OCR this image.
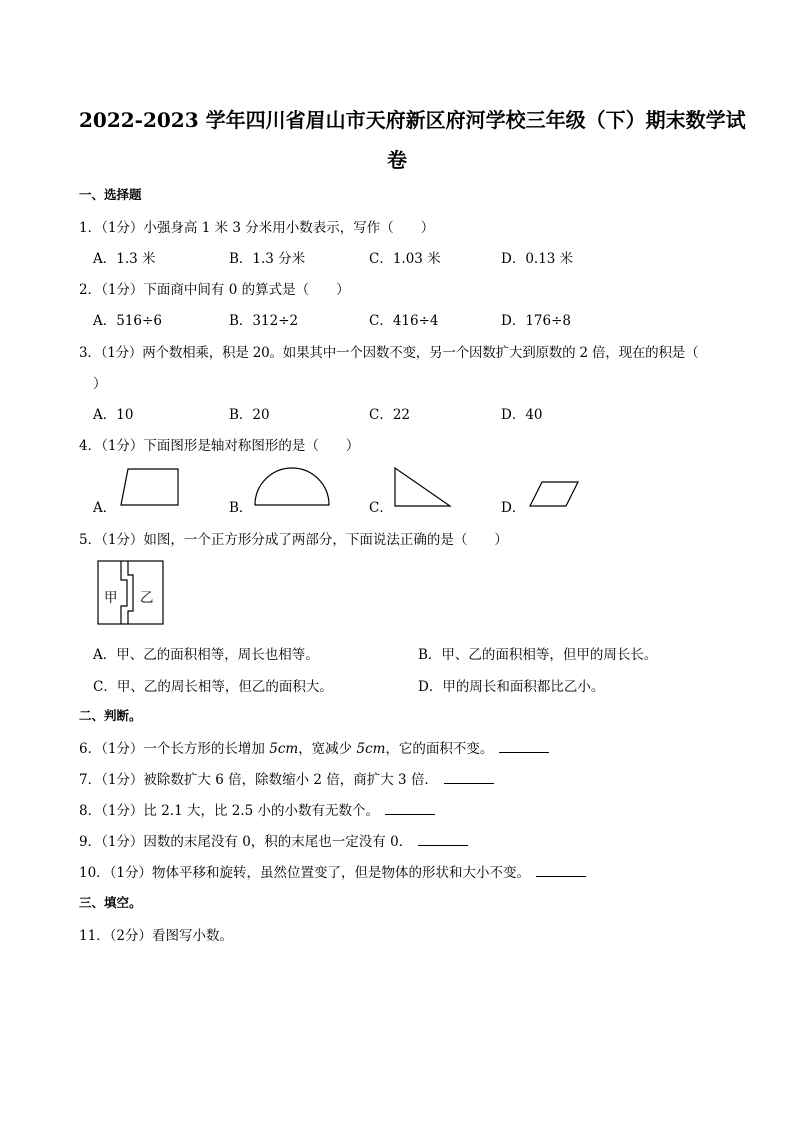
2022-2023 学年四川省眉山市天府新区府河学校三年级（下）期末数学试
卷
一、选择题
1．（1分）小强身高 1 米 3 分米用小数表示，写作（　　）
A．1.3 米	B．1.3 分米	C．1.03 米	D．0.13 米
2．（1分）下面商中间有 0 的算式是（　　）
A．516÷6	B．312÷2	C．416÷4	D．176÷8
3．（1分）两个数相乘，积是 20。如果其中一个因数不变，另一个因数扩大到原数的 2 倍，现在的积是（
）
A．10	B．20	C．22	D．40
4．（1分）下面图形是轴对称图形的是（　　）
A．	B．	C．	D．
5．（1分）如图，一个正方形分成了两部分，下面说法正确的是（　　）
甲 乙
A．甲、乙的面积相等，周长也相等。	B．甲、乙的面积相等，但甲的周长长。
C．甲、乙的周长相等，但乙的面积大。	D．甲的周长和面积都比乙小。
二、判断。
6．（1分）一个长方形的长增加 5cm，宽减少 5cm，它的面积不变。
7．（1分）被除数扩大 6 倍，除数缩小 2 倍，商扩大 3 倍．
8．（1分）比 2.1 大，比 2.5 小的小数有无数个。
9．（1分）因数的末尾没有 0，积的末尾也一定没有 0．
10．（1分）物体平移和旋转，虽然位置变了，但是物体的形状和大小不变。
三、填空。
11．（2分）看图写小数。
